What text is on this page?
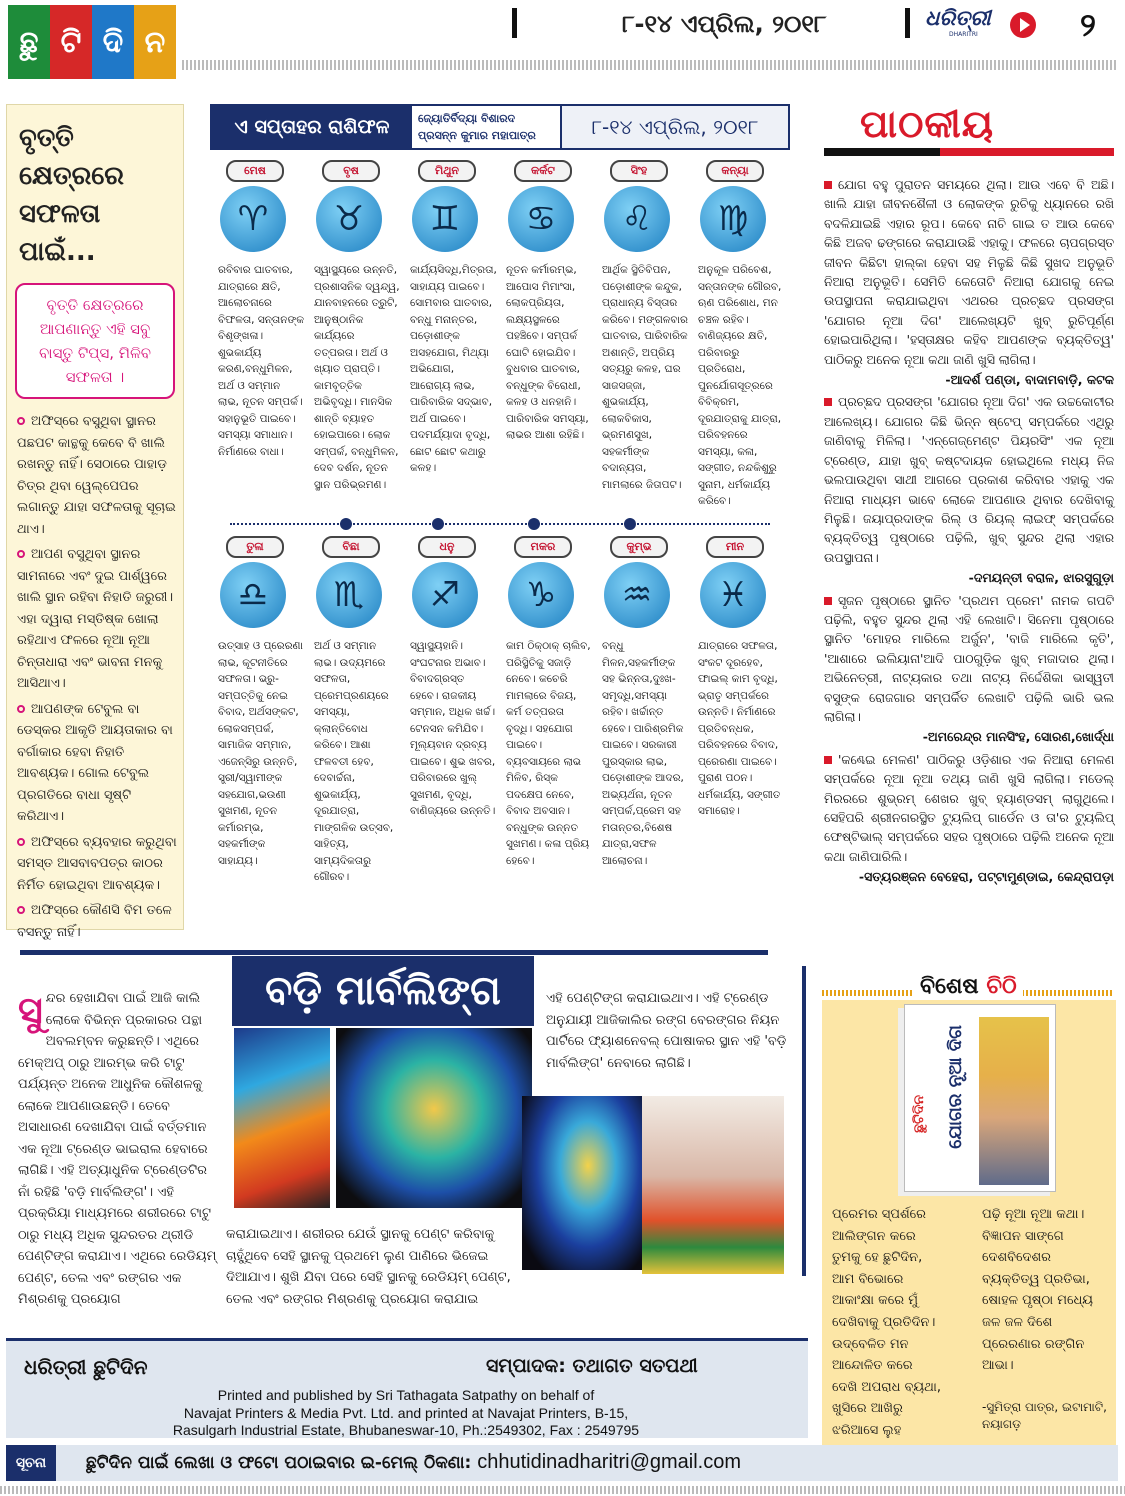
ଛୁ ଟି ଦି ନ
୮-୧୪ ଏପ୍ରିଲ, ୨୦୧୮	ଧରିତ୍ରୀ
DHARITRI	୨
ବୃତ୍ତି କ୍ଷେତ୍ରରେ ସଫଳତା ପାଇଁ...
ବୃତ୍ତି କ୍ଷେତ୍ରରେ ଆପଣାନ୍ତୁ ଏହି ସବୁ ବାସ୍ତୁ ଟିପ୍ସ, ମିଳିବ ସଫଳତା ।
ଅଫିସ୍‌ରେ ବସୁଥିବା ସ୍ଥାନର ପଛପଟ କାନ୍ଥକୁ କେବେ ବି ଖାଲି ରଖନ୍ତୁ ନାହିଁ। ସେଠାରେ ପାହାଡ଼ ଚିତ୍ର ଥିବା ୱେଲ୍‌ପେପର ଲଗାନ୍ତୁ ଯାହା ସଫଳତାକୁ ସୂଚାଇ ଥାଏ।
ଆପଣ ବସୁଥିବା ସ୍ଥାନର ସାମନାରେ ଏବଂ ଦୁଇ ପାର୍ଶ୍ୱରେ ଖାଲି ସ୍ଥାନ ରହିବା ନିହାତି ଜରୁରୀ। ଏହା ଦ୍ୱାରା ମସ୍ତିଷ୍କ ଖୋଲା ରହିଥାଏ ଫଳରେ ନୂଆ ନୂଆ ଚିନ୍ତାଧାରା ଏବଂ ଭାବନା ମନକୁ ଆସିଥାଏ।
ଆପଣଙ୍କ ଟେବୁଲ ବା ଡେସ୍କର ଆକୃତି ଆୟତାକାର ବା ବର୍ଗାକାର ହେବା ନିହାତି ଆବଶ୍ୟକ। ଗୋଲ ଟେବୁଲ ପ୍ରଗତିରେ ବାଧା ସୃଷ୍ଟି କରିଥାଏ।
ଅଫିସ୍‌ରେ ବ୍ୟବହାର କରୁଥିବା ସମସ୍ତ ଆସବାବପତ୍ର କାଠର ନିର୍ମିତ ହୋଇଥିବା ଆବଶ୍ୟକ।
ଅଫିସ୍‌ରେ କୌଣସି ବିମ ତଳେ ବସନ୍ତୁ ନାହିଁ।
ଏ ସପ୍ତାହର ରାଶିଫଳ	ଜ୍ୟୋତିର୍ବିଦ୍ୟା ବିଶାରଦ
ପ୍ରସନ୍ନ କୁମାର ମହାପାତ୍ର	୮-୧୪ ଏପ୍ରିଲ, ୨୦୧୮
ମେଷ
♈
ରବିବାର ଘାତବାର, ଯାତ୍ରାରେ କ୍ଷତି, ଆଲୋଚନାରେ ବିଫଳତା, ସନ୍ତାନଙ୍କ ବିଶୃଙ୍ଖଳା। ଶୁଭକାର୍ଯ୍ୟ କରଣ,ବନ୍ଧୁମିଳନ, ଅର୍ଥ ଓ ସମ୍ମାନ ଲାଭ, ନୂତନ ସମ୍ପର୍କ। ସହାନୁଭୂତି ପାଇବେ। ସମସ୍ୟା ସମାଧାନ। ନିର୍ମାଣରେ ବାଧା।
ବୃଷ
♉
ସ୍ୱାସ୍ଥ୍ୟରେ ଉନ୍ନତି, ପ୍ରଶାସନିକ ଦ୍ୱନ୍ଦ୍ୱ, ଯାନବାହନରେ ତ୍ରୁଟି, ଆନୁଷ୍ଠାନିକ କାର୍ଯ୍ୟରେ ତତ୍ପରତା। ଅର୍ଥ ଓ ଖ୍ୟାତ ପ୍ରାପ୍ତି। କାମବୃତ୍ତିକ ଅଭିବୃଦ୍ଧି। ମାନସିକ ଶାନ୍ତି ବ୍ୟାହତ ହୋଇପାରେ। ଲୋକ ସମ୍ପର୍କ, ବନ୍ଧୁମିଳନ, ଦେବ ଦର୍ଶନ, ନୂତନ ସ୍ଥାନ ପରିଭ୍ରମଣ।
ମିଥୁନ
♊
କାର୍ଯ୍ୟସିଦ୍ଧି,ମିତ୍ରତା, ସାହାଯ୍ୟ ପାଇବେ। ସୋମବାର ଘାତବାର, ବନ୍ଧୁ ମନାନ୍ତର, ପଡ଼ୋଶୀଙ୍କ ଅସହଯୋଗ, ମିଥ୍ୟା ଅଭିଯୋଗ, ଆରୋଗ୍ୟ ଲାଭ, ପାରିବାରିକ ସଦ୍ଭାବ, ଅର୍ଥ ପାଇବେ। ପଦମର୍ଯ୍ୟାଦା ବୃଦ୍ଧି, ଛୋଟ ଛୋଟ କଥାରୁ କଳହ।
କର୍କଟ
♋
ନୂତନ କର୍ମାରମ୍ଭ, ଆପୋସ ମିମାଂସା, ଲୋକପ୍ରିୟତା, ଲକ୍ଷ୍ୟସ୍ଥଳରେ ପହଞ୍ଚିବେ। ସମ୍ପର୍କ ଘୋଟି ହୋଇଯିବ। ବୁଧବାର ଘାତବାର, ବନ୍ଧୁଙ୍କ ବିରୋଧୀ, କଳହ ଓ ଧନହାନି। ପାରିବାରିକ ସମସ୍ୟା, ଲାଭର ଆଶା ରହିଛି।
ସିଂହ
♌
ଆର୍ଥିକ ସ୍ଥିତିବିପନ, ପଡ଼ୋଶୀଙ୍କ କନ୍ଦୁକ, ପ୍ରାଧାନ୍ୟ ବିସ୍ତାର କରିବେ। ମଙ୍ଗଳବାର ଘାତବାର, ପାରିବାରିକ ଅଶାନ୍ତି, ଅପ୍ରିୟ ସତ୍ୟରୁ କଳହ, ଘର ସାଜସଜ୍ଜା, ଶୁଭକାର୍ଯ୍ୟ, ଲୋକବିକାସ, ଭ୍ରମଣସୁଖ, ସହକର୍ମୀଙ୍କ ବଦାନ୍ୟତା, ମାମଲାରେ ଜିତାପଟ।
କନ୍ୟା
♍
ଅନୁକୂଳ ପରିବେଶ, ସନ୍ତାନଙ୍କ ଗୌରବ, ଋଣ ପରିଶୋଧ, ମନ ଚଞ୍ଚଳ ରହିବ। ବାଣିଜ୍ୟରେ କ୍ଷତି, ପରିବାରରୁ ପ୍ରତିରୋଧ, ପୁନର୍ଯୋଗସୂତ୍ରରେ ବିବିକ୍ରମ, ଦୂରଯାତ୍ରାକୁ ଯାତ୍ରା, ପରିବହନରେ ସମସ୍ୟା, କଳା, ସଙ୍ଗୀତ, ନନ୍ଦକିଶୁରୁ ସୁନାମ, ଧର୍ମକାର୍ଯ୍ୟ କରିବେ।
ତୁଳା
♎
ଉତ୍ସାହ ଓ ପ୍ରେରଣା ଲାଭ, କୂଟନୀତିରେ ସଫଳତା। ଭ୍ରୁ-ସମ୍ପତ୍ତିକୁ ନେଇ ବିବାଦ, ଅର୍ଥସଙ୍କଟ, ଲୋକସମ୍ପର୍କ, ସାମାଜିକ ସମ୍ମାନ, ଏଜେନ୍ସିରୁ ଉନ୍ନତି, ସ୍ତ୍ରୀ/ସ୍ୱାମୀଙ୍କ ସହଯୋଗ,ଭଉଣୀ ସୁଖମଣ, ନୂତନ କର୍ମାରମ୍ଭ, ସହକର୍ମୀଙ୍କ ସାହାଯ୍ୟ।
ବିଛା
♏
ଅର୍ଥ ଓ ସମ୍ମାନ ଲାଭ। ଉଦ୍ୟମରେ ସଫଳତା, ପ୍ରେମପ୍ରଣୟରେ ସମସ୍ୟା, କ୍ଲାନ୍ତିବୋଧ କରିବେ। ଆଶା ଫଳବତୀ ହେବ, ଦେବାର୍ଚ୍ଚନା, ଶୁଭକାର୍ଯ୍ୟ, ଦୂରଯାତ୍ରା, ମାଙ୍ଗଳିକ ଉତ୍ସବ, ସାହିତ୍ୟ, ସାମ୍ୟଦିକତାରୁ ଗୌରବ।
ଧନୁ
♐
ସ୍ୱାସ୍ଥ୍ୟହାନି। ସଂଘଟନାର ଅଭାବ। ବିବାଦଗ୍ରସ୍ତ ହେବେ। ରାଜକୀୟ ସମ୍ମାନ, ଅଧିକ ଖର୍ଚ୍ଚ। ଟେନସନ କମିଯିବ। ମୂଲ୍ୟବାନ ଦ୍ରବ୍ୟ ପାଇବେ। ଶୁଭ ଖବର, ପରିବାରରେ ଖୁଲ୍ ସୁଖମଣ, ବୃଦ୍ଧି, ବାଣିଜ୍ୟରେ ଉନ୍ନତି।
ମକର
♑
କାମ ଠିକ୍‌ଠାକ୍ ଚାଲିବ, ପରିସ୍ଥିତିକୁ ସଜାଡ଼ି ନେବେ। କଚେରି ମାମଲାରେ ବିଜୟ, କର୍ମ ତତ୍ପରତା ବୃଦ୍ଧି। ସହଯୋଗ ପାଇବେ। ବ୍ୟବସାୟରେ ଲାଭ ମିଳିବ, ରିସ୍କ ପଦକ୍ଷେପ ନେବେ, ବିବାଦ ଅବସାନ। ବନ୍ଧୁଙ୍କ ଉନ୍ନତ ସୁଖମଣ। କଳା ପ୍ରିୟ ହେବେ।
କୁମ୍ଭ
♒
ବନ୍ଧୁ ମିଳନ,ସହକର୍ମୀଙ୍କ ସହ ଭିନ୍ନତା,ଦୁଃଖ-ସମୃଦ୍ଧି,ସମସ୍ୟା ରହିବ। ଖର୍ଚ୍ଚାନ୍ତ ହେବେ। ପାରିଶ୍ରମିକ ପାଇବେ। ସରକାରୀ ପୁରସ୍କାର ଲାଭ, ପଡ଼ୋଶୀଙ୍କ ଆଦର, ଅଭ୍ୟର୍ଥନା, ନୂତନ ସମ୍ପର୍କ,ପ୍ରେମ ସହ ମତାନ୍ତର,ବିଶେଷ ଯାତ୍ରା,ସଫଳ ଆଲୋଚନା।
ମୀନ
♓
ଯାତ୍ରାରେ ସଫଳତା, ସଂକଟ ଦୂରହେବ, ଫାଇଲ୍ କାମ ବୃଦ୍ଧି, ଭ୍ରାତୃ ସମ୍ପର୍କରେ ଉନ୍ନତି। ନିର୍ମାଣରେ ପ୍ରତିବନ୍ଧକ, ପରିବହନରେ ବିବାଦ, ପ୍ରେରଣା ପାଇବେ। ପୁରାଣ ପଠନ। ଧର୍ମକାର୍ଯ୍ୟ, ସଙ୍ଗୀତ ସମାରୋହ।
ପାଠକୀୟ
ଯୋଗ ବହୁ ପୁରାତନ ସମୟରେ ଥିଲା। ଆଉ ଏବେ ବି ଅଛି। ଖାଲି ଯାହା ଜୀବନଶୈଳୀ ଓ ଲୋକଙ୍କ ରୁଚିକୁ ଧ୍ୟାନରେ ରଖି ବଦଳିଯାଇଛି ଏହାର ରୂପ। କେବେ ନାଚି ଗାଇ ତ ଆଉ କେବେ କିଛି ଅଜବ ଢଙ୍ଗରେ କରାଯାଉଛି ଏହାକୁ। ଫଳରେ ଚାପଗ୍ରସ୍ତ ଜୀବନ କିଛିଟା ହାଲ୍‌କା ହେବା ସହ ମିଳୁଛି କିଛି ସୁଖଦ ଅନୁଭୂତି ନିଆରା ଅନୁଭୂତି। ସେମିତି କେତୋଟି ନିଆରା ଯୋଗକୁ ନେଇ ଉପସ୍ଥାପନା କରାଯାଇଥିବା ଏଥରର ପ୍ରଚ୍ଛଦ ପ୍ରସଙ୍ଗ 'ଯୋଗର ନୂଆ ଦିଗ' ଆଲେଖ୍ୟଟି ଖୁବ୍ ରୁଚିପୂର୍ଣ୍ଣ ହୋଇପାରିଥିଲା। 'ହସ୍ତାକ୍ଷର କହିବ ଆପଣଙ୍କ ବ୍ୟକ୍ତିତ୍ୱ' ପାଠିକରୁ ଅନେକ ନୂଆ କଥା ଜାଣି ଖୁସି ଲାଗିଲା।
-ଆଦର୍ଶ ପଣ୍ଡା, ବାଦାମବାଡ଼ି, କଟକ
ପ୍ରଚ୍ଛଦ ପ୍ରସଙ୍ଗ 'ଯୋଗର ନୂଆ ଦିଗ' ଏକ ଉଚ୍ଚକୋଟୀର ଆଲେଖ୍ୟ। ଯୋଗର କିଛି ଭିନ୍ନ ଷ୍ଟେପ୍ ସମ୍ପର୍କରେ ଏଥିରୁ ଜାଣିବାକୁ ମିଳିଲା। 'ଏନ୍‌ଗେଜ୍‌ମେଣ୍ଟ ପିୟରସିଂ' ଏକ ନୂଆ ଟ୍ରେଣ୍ଡ, ଯାହା ଖୁବ୍ କଷ୍ଟଦାୟକ ହୋଇଥିଲେ ମଧ୍ୟ ନିଜ ଭଲପାଉଥିବା ସାଥୀ ଆଗରେ ପ୍ରକାଶ କରିବାର ଏହାକୁ ଏକ ନିଆରା ମାଧ୍ୟମ ଭାବେ ଲୋକେ ଆପଣାଉ ଥିବାର ଦେଖିବାକୁ ମିଳୁଛି। ଜୟାପ୍ରଦାଙ୍କ ରିଲ୍ ଓ ରିୟଲ୍ ଲାଇଫ୍ ସମ୍ପର୍କରେ ବ୍ୟକ୍ତିତ୍ୱ ପୃଷ୍ଠାରେ ପଢ଼ିଲି, ଖୁବ୍ ସୁନ୍ଦର ଥିଲା ଏହାର ଉପସ୍ଥାପନା।
-ଦମୟନ୍ତୀ ବରାଳ, ଝାରସୁଗୁଡ଼ା
ସୃଜନ ପୃଷ୍ଠାରେ ସ୍ଥାନିତ 'ପ୍ରଥମ ପ୍ରେମ' ନାମକ ଗପଟି ପଢ଼ିଲି, ବହୁତ ସୁନ୍ଦର ଥିଲା ଏହି ଲେଖାଟି। ସିନେମା ପୃଷ୍ଠାରେ ସ୍ଥାନିତ 'ମୋହର ମାରିଲେ ଅର୍ଜୁନ', 'ବାଜି ମାରିଲେ କୃତି', 'ଆଶାରେ ଇଲିୟାନା'ଆଦି ପାଠଗୁଡ଼ିକ ଖୁବ୍ ମଜାଦାର ଥିଲା। ଅଭିନେତ୍ରୀ, ନାଟ୍ୟକାର ତଥା ନାଟ୍ୟ ନିର୍ଦ୍ଦେଶିକା ଭାସ୍ୱତୀ ବସୁଙ୍କ ରୋଜଗାର ସମ୍ପର୍କିତ ଲେଖାଟି ପଢ଼ିଲି ଭାରି ଭଲ ଲାଗିଲା।
-ଅମରେନ୍ଦ୍ର ମାନସିଂହ, ସୋରଣ,ଖୋର୍ଦ୍ଧା
'କଣ୍ଢେଇ ମେଳଣ' ପାଠିକରୁ ଓଡ଼ିଶାର ଏକ ନିଆରା ମେଳଣ ସମ୍ପର୍କରେ ନୂଆ ନୂଆ ତଥ୍ୟ ଜାଣି ଖୁସି ଲାଗିଲା। ମଡେଲ୍ ମିରରରେ ଶୁଭ୍ରମ୍ ଶେଖର ଖୁବ୍ ହ୍ୟାଣ୍ଡସମ୍ ଲାଗୁଥିଲେ। ସେହିପରି ଶ୍ରୀନଗରସ୍ଥିତ ଟ୍ୟୁଲିପ୍ ଗାର୍ଡେନ ଓ ତା'ର ଟ୍ୟୁଲିପ୍ ଫେଷ୍ଟିଭାଲ୍ ସମ୍ପର୍କରେ ସହର ପୃଷ୍ଠାରେ ପଢ଼ିଲି ଅନେକ ନୂଆ କଥା ଜାଣିପାରିଲି।
-ସତ୍ୟରଞ୍ଜନ ବେହେରା, ପଟ୍ଟାମୁଣ୍ଡାଇ, କେନ୍ଦ୍ରାପଡ଼ା
ବଡ଼ି ମାର୍ବଲିଙ୍ଗ
ସୁନ୍ଦର ହେଖାଯିବା ପାଇଁ ଆଜି କାଲି ଲୋକେ ବିଭିନ୍ନ ପ୍ରକାରର ପନ୍ଥା ଅବଲମ୍ବନ କରୁଛନ୍ତି। ଏଥିରେ ମେକ୍‌ଅପ୍ ଠାରୁ ଆରମ୍ଭ କରି ଟାଟୁ ପର୍ଯ୍ୟନ୍ତ ଅନେକ ଆଧୁନିକ କୌଶଳକୁ ଲୋକେ ଆପଣାଉଛନ୍ତି। ତେବେ ଅସାଧାରଣ ଦେଖାଯିବା ପାଇଁ ବର୍ତ୍ତମାନ ଏକ ନୂଆ ଟ୍ରେଣ୍ଡ ଭାଇରାଲ ହେବାରେ ଲାଗିଛି। ଏହି ଅତ୍ୟାଧୁନିକ ଟ୍ରେଣ୍ଡଟିର ନାଁ ରହିଛି 'ବଡ଼ି ମାର୍ବଲିଙ୍ଗ'। ଏହି ପ୍ରକ୍ରିୟା ମାଧ୍ୟମରେ ଶରୀରରେ ଟାଟୁ ଠାରୁ ମଧ୍ୟ ଅଧିକ ସୁନ୍ଦରତର ଥ୍ରୀଡି ପେଣ୍ଟିଙ୍ଗ କରାଯାଏ। ଏଥିରେ ରେଡିୟମ୍ ପେଣ୍ଟ, ତେଲ ଏବଂ ରଙ୍ଗର ଏକ ମିଶ୍ରଣକୁ ପ୍ରୟୋଗ
କରାଯାଇଥାଏ। ଶରୀରର ଯେଉଁ ସ୍ଥାନକୁ ପେଣ୍ଟ କରିବାକୁ ଚାହୁଁଥିବେ ସେହି ସ୍ଥାନକୁ ପ୍ରଥମେ ଲୁଣ ପାଣିରେ ଭିଜେଇ ଦିଆଯାଏ। ଶୁଖି ଯିବା ପରେ ସେହି ସ୍ଥାନକୁ ରେଡିୟମ୍ ପେଣ୍ଟ, ତେଲ ଏବଂ ରଙ୍ଗର ମିଶ୍ରଣକୁ ପ୍ରୟୋଗ କରାଯାଇ
ଏହି ପେଣ୍ଟିଙ୍ଗ କରାଯାଇଥାଏ। ଏହି ଟ୍ରେଣ୍ଡ ଅନୁଯାୟୀ ଆଜିକାଲିର ରଙ୍ଗ ବେରଙ୍ଗର ନିୟନ ପାର୍ଟିରେ ଫ୍ୟାଶନେବଲ୍ ପୋଷାକର ସ୍ଥାନ ଏହି 'ବଡ଼ି ମାର୍ବଲିଙ୍ଗ' ନେବାରେ ଲାଗିଛି।
ବିଶେଷ ଚିଠି
ଛୁଟିଦିନ ଯୋଗର ନୂଆ ଦିଗ
ପ୍ରେମର ସ୍ପର୍ଶରେ
ଆଲିଙ୍ଗନ କରେ
ତୁମକୁ ହେ ଛୁଟିଦିନ,
ଆମ ବିଭୋରେ
ଆକାଂକ୍ଷା କରେ ମୁଁ
ଦେଖିବାକୁ ପ୍ରତିଦିନ।
ଉଦ୍‌ବେଳିତ ମନ
ଆନ୍ଦୋଳିତ କରେ
ଦେଖି ଅପରାଧ ବ୍ୟଥା,
ଖୁସିରେ ଆଖିରୁ
ଝରିଆସେ ଲୁହ
ପଢ଼ି ନୂଆ ନୂଆ କଥା।
ବିଜ୍ଞାପନ ସାଙ୍ଗେ
ଦେଶବିଦେଶର
ବ୍ୟକ୍ତିତ୍ୱ ପ୍ରତିଭା,
ଷୋହଳ ପୃଷ୍ଠା ମଧ୍ୟେ
ଜଳ ଜଳ ଦିଶେ
ପ୍ରେରଣାର ରଙ୍ଗିନ
ଆଭା।
-ସୁମିତ୍ରା ପାତ୍ର, ଇଟାମାଟି, ନୟାଗଡ଼
ଧରିତ୍ରୀ ଛୁଟିଦିନ	ସମ୍ପାଦକ: ତଥାଗତ ସତପଥୀ
Printed and published by Sri Tathagata Satpathy on behalf of
Navajat Printers & Media Pvt. Ltd. and printed at Navajat Printers, B-15,
Rasulgarh Industrial Estate, Bhubaneswar-10, Ph.:2549302, Fax : 2549795
ସୂଚନା	ଛୁଟିଦିନ ପାଇଁ ଲେଖା ଓ ଫଟୋ ପଠାଇବାର ଇ-ମେଲ୍ ଠିକଣା: chhutidinadharitri@gmail.com
